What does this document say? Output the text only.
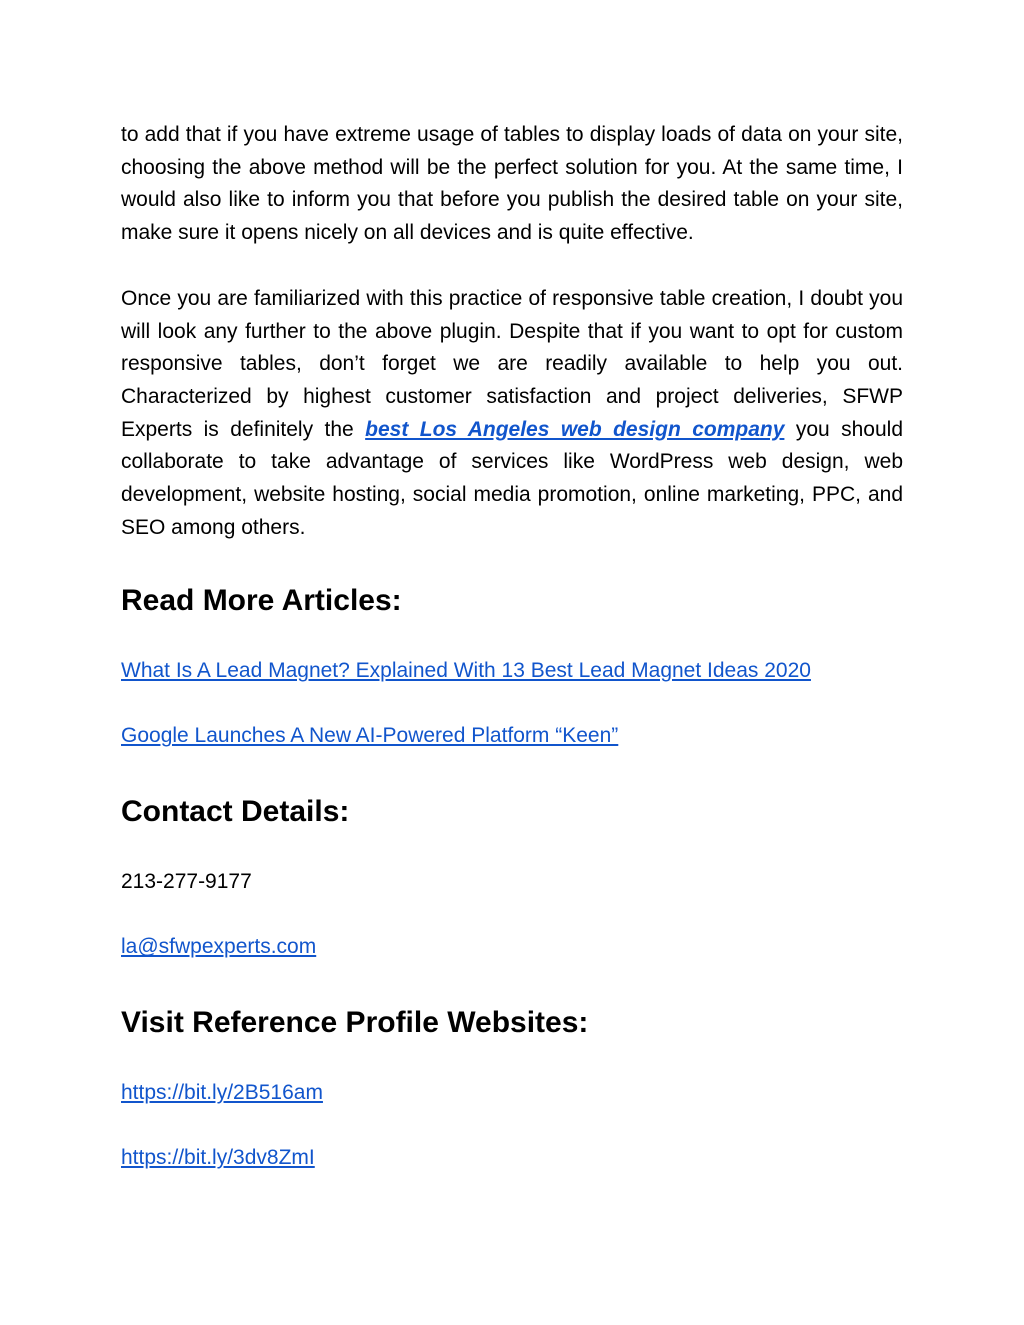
to add that if you have extreme usage of tables to display loads of data on your site, choosing the above method will be the perfect solution for you. At the same time, I would also like to inform you that before you publish the desired table on your site, make sure it opens nicely on all devices and is quite effective.

Once you are familiarized with this practice of responsive table creation, I doubt you will look any further to the above plugin. Despite that if you want to opt for custom responsive tables, don’t forget we are readily available to help you out. Characterized by highest customer satisfaction and project deliveries, SFWP Experts is definitely the best Los Angeles web design company you should collaborate to take advantage of services like WordPress web design, web development, website hosting, social media promotion, online marketing, PPC, and SEO among others.

Read More Articles:

What Is A Lead Magnet? Explained With 13 Best Lead Magnet Ideas 2020

Google Launches A New AI-Powered Platform “Keen”

Contact Details:

213-277-9177

la@sfwpexperts.com

Visit Reference Profile Websites:

https://bit.ly/2B516am

https://bit.ly/3dv8ZmI
